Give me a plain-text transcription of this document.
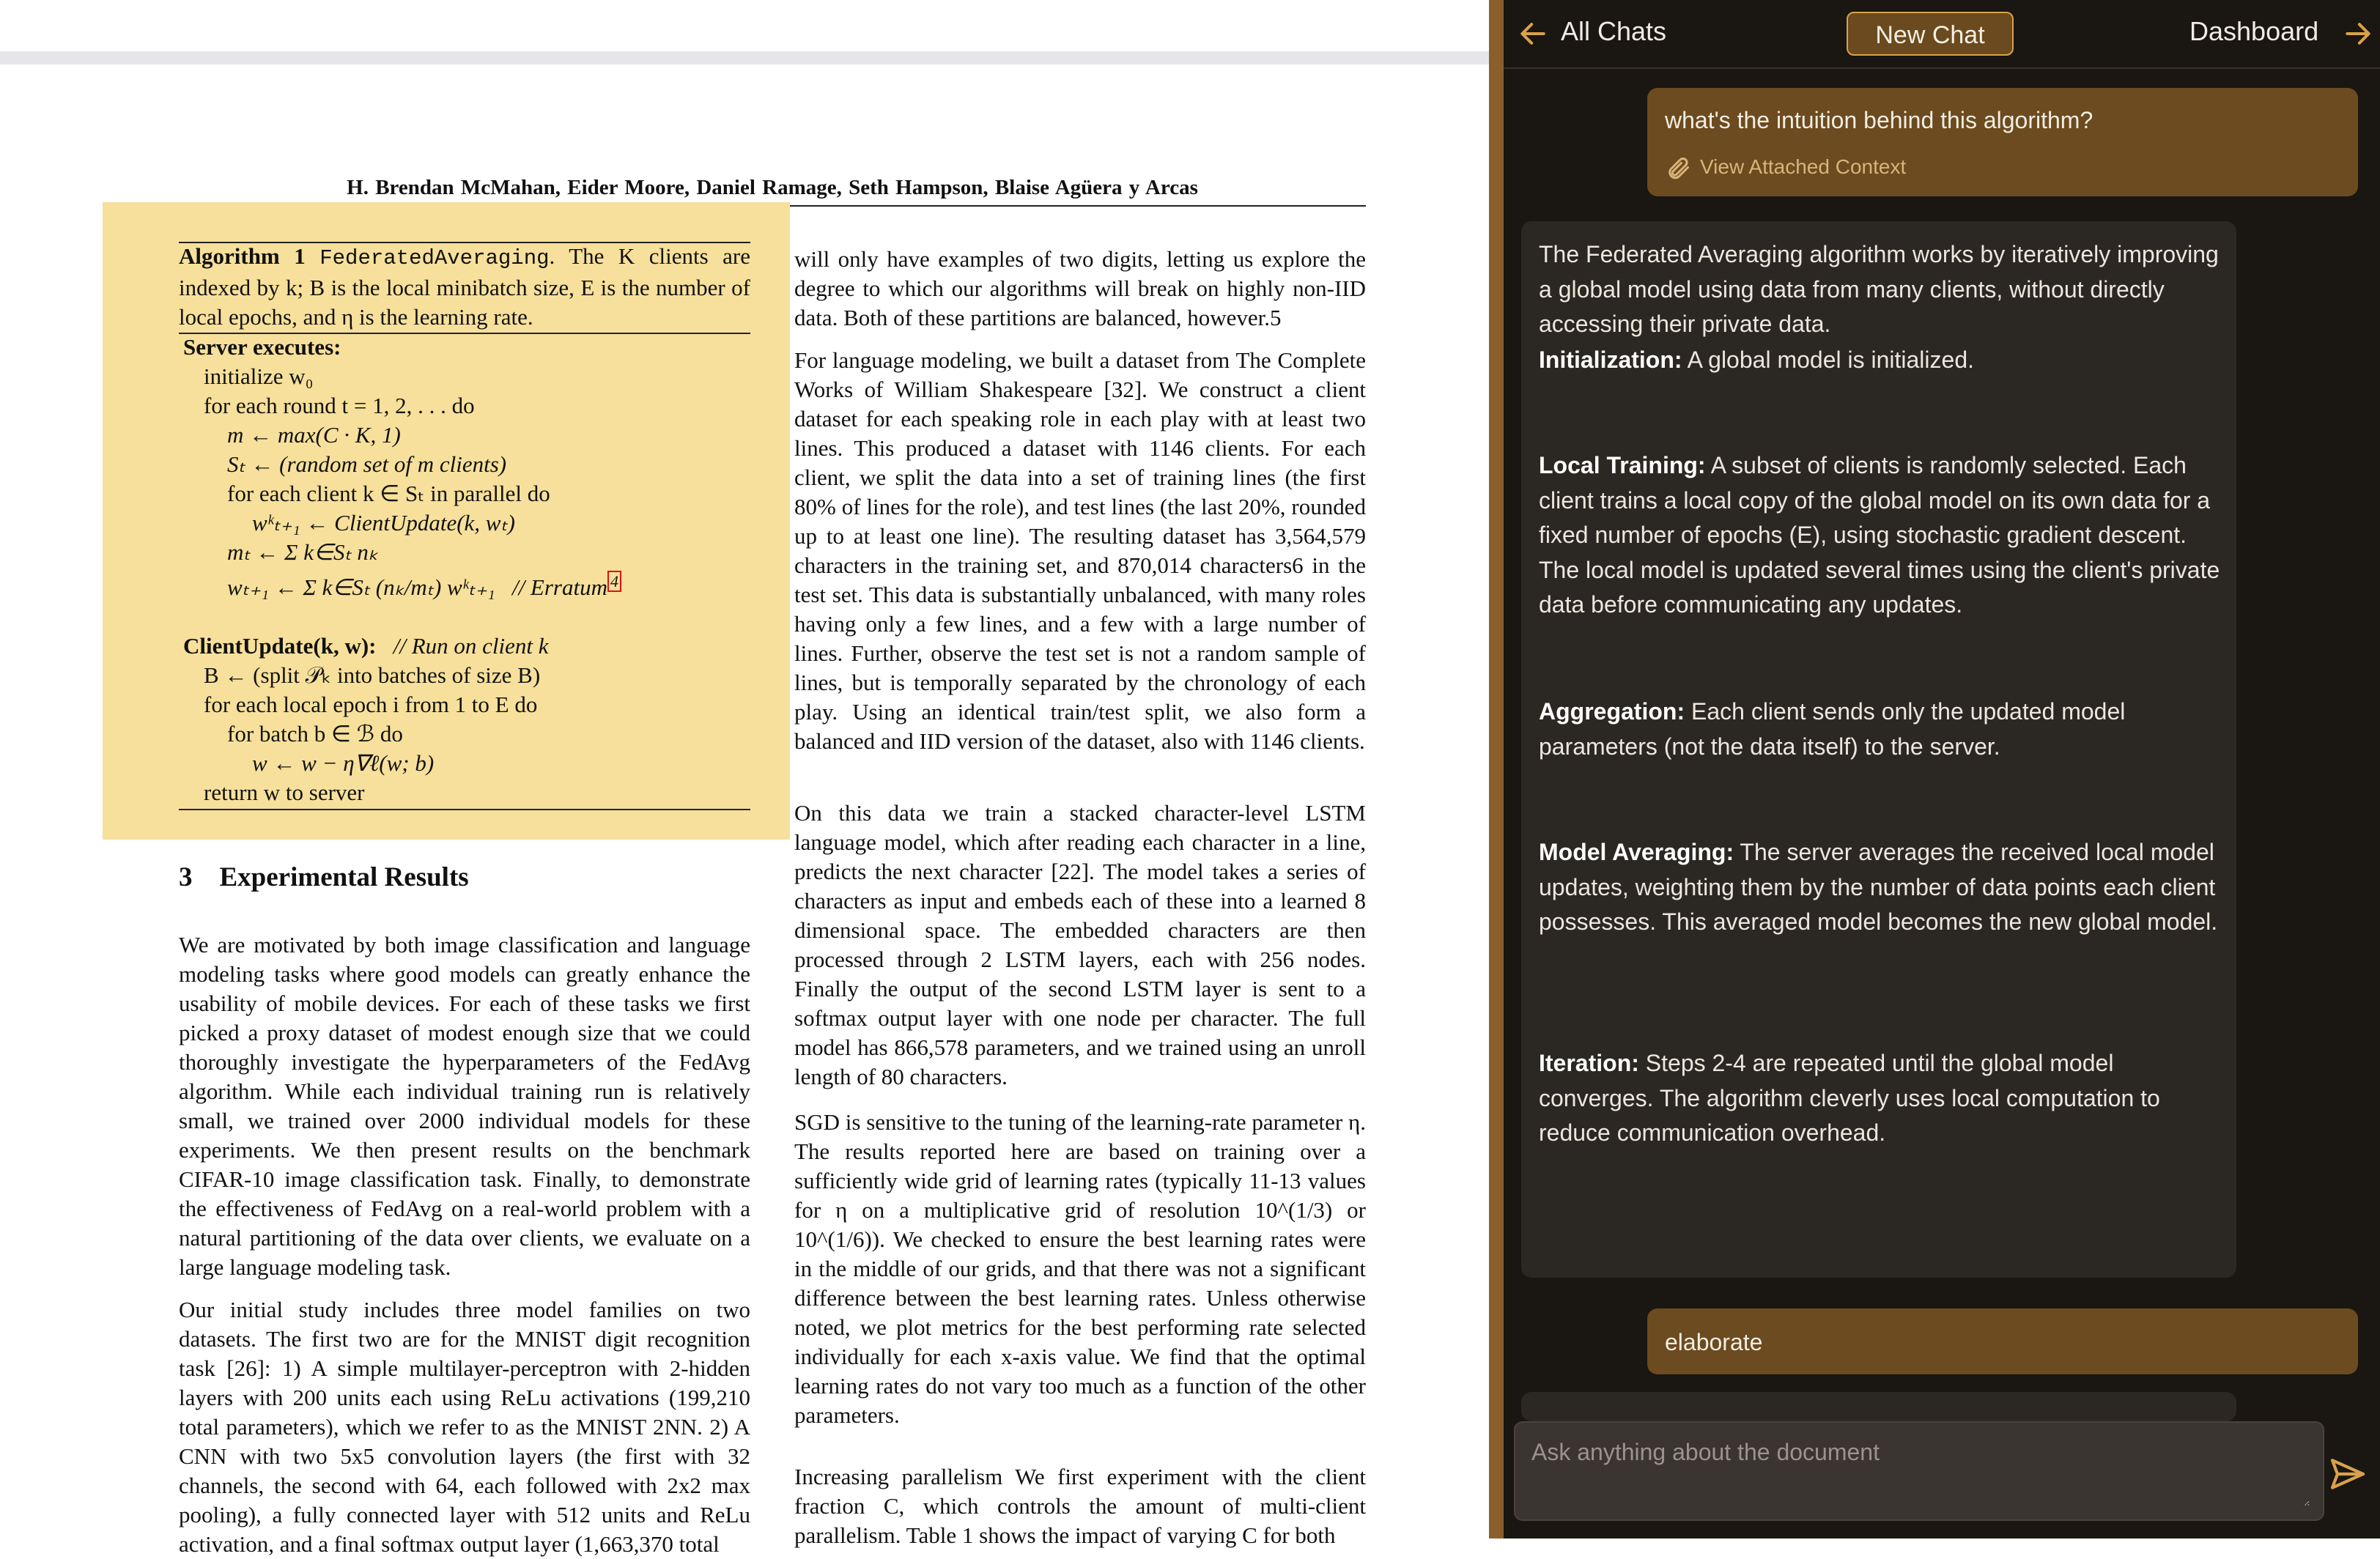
H. Brendan McMahan, Eider Moore, Daniel Ramage, Seth Hampson, Blaise Agüera y Arcas
Algorithm 1 FederatedAveraging. The K clients are indexed by k; B is the local minibatch size, E is the number of local epochs, and η is the learning rate.
Server executes:
initialize w₀
for each round t = 1, 2, . . . do
m ← max(C · K, 1)
Sₜ ← (random set of m clients)
for each client k ∈ Sₜ in parallel do
wᵏₜ₊₁ ← ClientUpdate(k, wₜ)
mₜ ← Σ k∈Sₜ nₖ
wₜ₊₁ ← Σ k∈Sₜ (nₖ/mₜ) wᵏₜ₊₁ // Erratum $^4$
ClientUpdate(k, w): // Run on client k
B ← (split 𝒫ₖ into batches of size B)
for each local epoch i from 1 to E do
for batch b ∈ ℬ do
w ← w − η∇ℓ(w; b)
return w to server
3 Experimental Results
We are motivated by both image classification and language modeling tasks where good models can greatly enhance the usability of mobile devices. For each of these tasks we first picked a proxy dataset of modest enough size that we could thoroughly investigate the hyperparameters of the FedAvg algorithm. While each individual training run is relatively small, we trained over 2000 individual models for these experiments. We then present results on the benchmark CIFAR-10 image classification task. Finally, to demonstrate the effectiveness of FedAvg on a real-world problem with a natural partitioning of the data over clients, we evaluate on a large language modeling task.
Our initial study includes three model families on two datasets. The first two are for the MNIST digit recognition task [26]: 1) A simple multilayer-perceptron with 2-hidden layers with 200 units each using ReLu activations (199,210 total parameters), which we refer to as the MNIST 2NN. 2) A CNN with two 5x5 convolution layers (the first with 32 channels, the second with 64, each followed with 2x2 max pooling), a fully connected layer with 512 units and ReLu activation, and a final softmax output layer (1,663,370 total
will only have examples of two digits, letting us explore the degree to which our algorithms will break on highly non-IID data. Both of these partitions are balanced, however.5
For language modeling, we built a dataset from The Complete Works of William Shakespeare [32]. We construct a client dataset for each speaking role in each play with at least two lines. This produced a dataset with 1146 clients. For each client, we split the data into a set of training lines (the first 80% of lines for the role), and test lines (the last 20%, rounded up to at least one line). The resulting dataset has 3,564,579 characters in the training set, and 870,014 characters6 in the test set. This data is substantially unbalanced, with many roles having only a few lines, and a few with a large number of lines. Further, observe the test set is not a random sample of lines, but is temporally separated by the chronology of each play. Using an identical train/test split, we also form a balanced and IID version of the dataset, also with 1146 clients.
On this data we train a stacked character-level LSTM language model, which after reading each character in a line, predicts the next character [22]. The model takes a series of characters as input and embeds each of these into a learned 8 dimensional space. The embedded characters are then processed through 2 LSTM layers, each with 256 nodes. Finally the output of the second LSTM layer is sent to a softmax output layer with one node per character. The full model has 866,578 parameters, and we trained using an unroll length of 80 characters.
SGD is sensitive to the tuning of the learning-rate parameter η. The results reported here are based on training over a sufficiently wide grid of learning rates (typically 11-13 values for η on a multiplicative grid of resolution 10^(1/3) or 10^(1/6)). We checked to ensure the best learning rates were in the middle of our grids, and that there was not a significant difference between the best learning rates. Unless otherwise noted, we plot metrics for the best performing rate selected individually for each x-axis value. We find that the optimal learning rates do not vary too much as a function of the other parameters.
Increasing parallelism We first experiment with the client fraction C, which controls the amount of multi-client parallelism. Table 1 shows the impact of varying C for both
All Chats	New Chat	Dashboard
what's the intuition behind this algorithm?
View Attached Context
The Federated Averaging algorithm works by iteratively improving a global model using data from many clients, without directly accessing their private data.
Initialization: A global model is initialized.
Local Training: A subset of clients is randomly selected. Each client trains a local copy of the global model on its own data for a fixed number of epochs (E), using stochastic gradient descent. The local model is updated several times using the client's private data before communicating any updates.
Aggregation: Each client sends only the updated model parameters (not the data itself) to the server.
Model Averaging: The server averages the received local model updates, weighting them by the number of data points each client possesses. This averaged model becomes the new global model.
Iteration: Steps 2-4 are repeated until the global model converges. The algorithm cleverly uses local computation to reduce communication overhead.
elaborate
Ask anything about the document
